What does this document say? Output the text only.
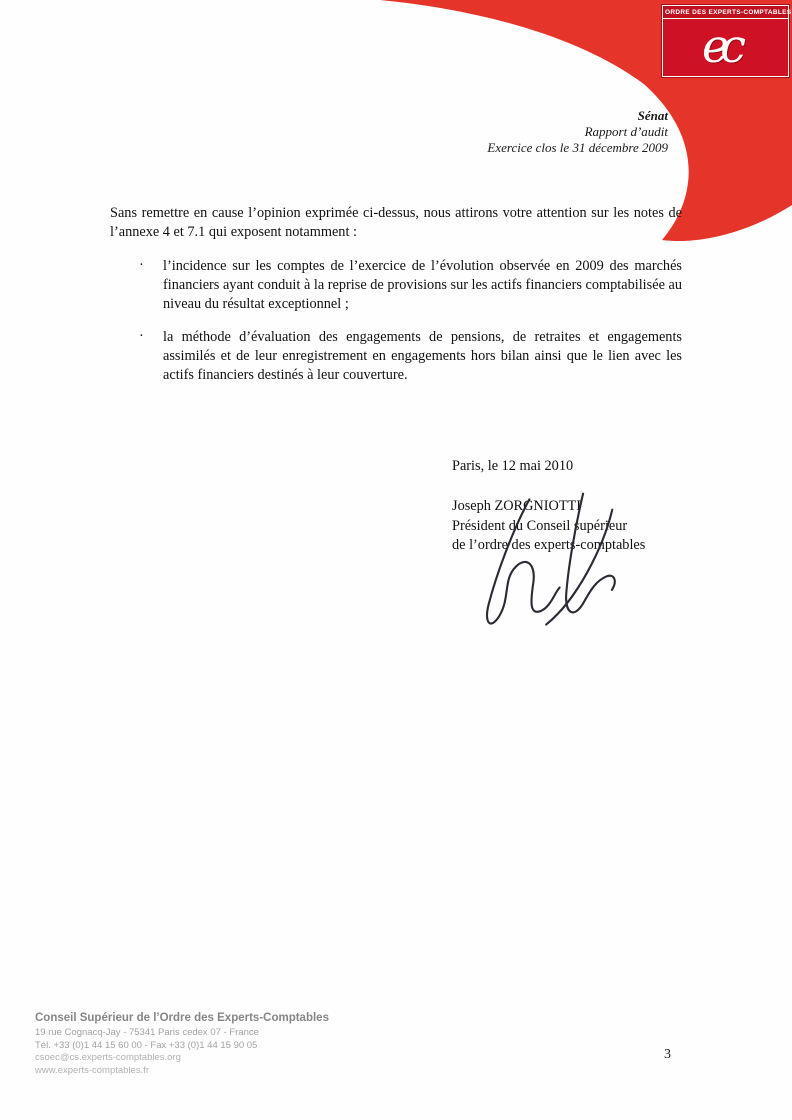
ORDRE DES EXPERTS-COMPTABLES
ec
Sénat
Rapport d’audit
Exercice clos le 31 décembre 2009

Sans remettre en cause l’opinion exprimée ci-dessus, nous attirons votre attention sur les notes de l’annexe 4 et 7.1 qui exposent notamment :

· l’incidence sur les comptes de l’exercice de l’évolution observée en 2009 des marchés financiers ayant conduit à la reprise de provisions sur les actifs financiers comptabilisée au niveau du résultat exceptionnel ;
· la méthode d’évaluation des engagements de pensions, de retraites et engagements assimilés et de leur enregistrement en engagements hors bilan ainsi que le lien avec les actifs financiers destinés à leur couverture.
Paris, le 12 mai 2010
Joseph ZORGNIOTTI
Président du Conseil supérieur
de l’ordre des experts-comptables
Conseil Supérieur de l’Ordre des Experts-Comptables
19 rue Cognacq-Jay - 75341 Paris cedex 07 - France
Tél. +33 (0)1 44 15 60 00 - Fax +33 (0)1 44 15 90 05
csoec@cs.experts-comptables.org
www.experts-comptables.fr
3
